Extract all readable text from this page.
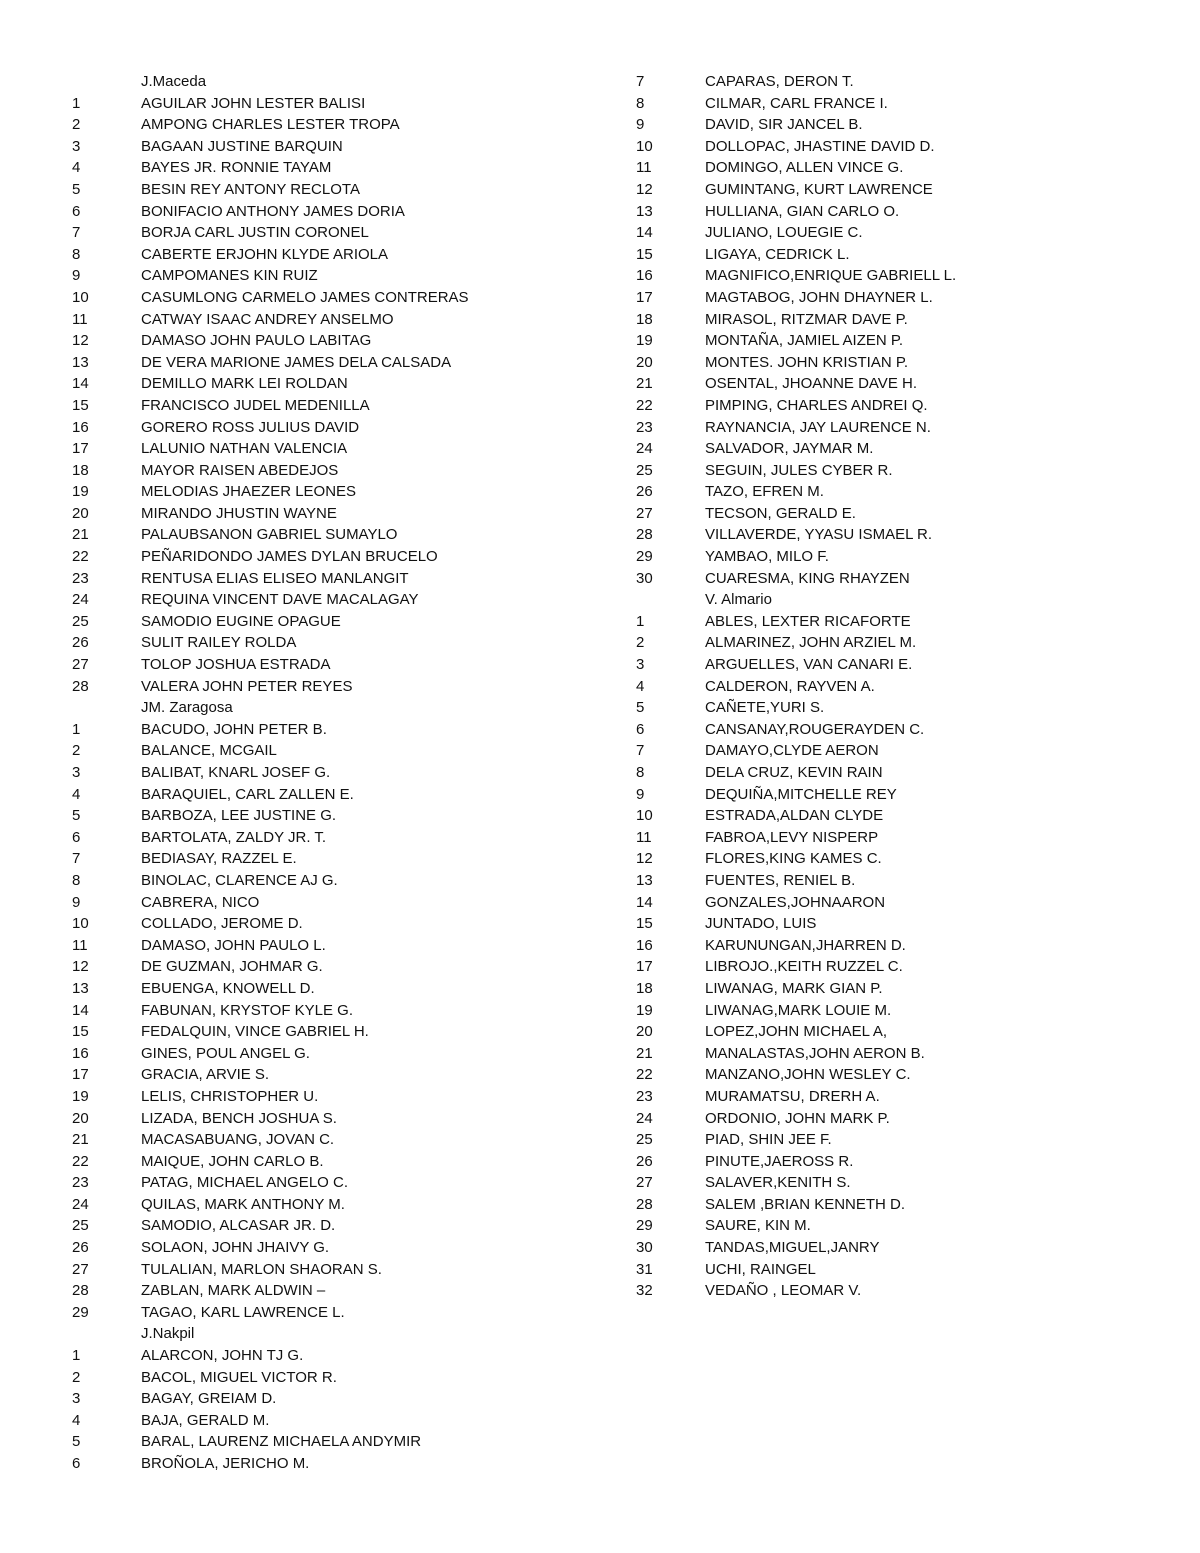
J.Maceda
1	AGUILAR JOHN LESTER BALISI
2	AMPONG CHARLES LESTER TROPA
3	BAGAAN JUSTINE BARQUIN
4	BAYES JR. RONNIE TAYAM
5	BESIN REY ANTONY RECLOTA
6	BONIFACIO ANTHONY JAMES DORIA
7	BORJA CARL JUSTIN CORONEL
8	CABERTE ERJOHN KLYDE ARIOLA
9	CAMPOMANES KIN RUIZ
10	CASUMLONG CARMELO JAMES CONTRERAS
11	CATWAY ISAAC ANDREY ANSELMO
12	DAMASO JOHN PAULO LABITAG
13	DE VERA MARIONE JAMES DELA CALSADA
14	DEMILLO MARK LEI ROLDAN
15	FRANCISCO JUDEL MEDENILLA
16	GORERO ROSS JULIUS DAVID
17	LALUNIO NATHAN VALENCIA
18	MAYOR RAISEN ABEDEJOS
19	MELODIAS JHAEZER LEONES
20	MIRANDO JHUSTIN WAYNE
21	PALAUBSANON GABRIEL SUMAYLO
22	PEÑARIDONDO JAMES DYLAN BRUCELO
23	RENTUSA ELIAS ELISEO MANLANGIT
24	REQUINA VINCENT DAVE MACALAGAY
25	SAMODIO EUGINE OPAGUE
26	SULIT RAILEY ROLDA
27	TOLOP JOSHUA ESTRADA
28	VALERA JOHN PETER REYES
JM. Zaragosa
1	BACUDO, JOHN PETER B.
2	BALANCE, MCGAIL
3	BALIBAT, KNARL JOSEF G.
4	BARAQUIEL, CARL ZALLEN E.
5	BARBOZA, LEE JUSTINE G.
6	BARTOLATA, ZALDY JR. T.
7	BEDIASAY, RAZZEL E.
8	BINOLAC, CLARENCE AJ G.
9	CABRERA, NICO
10	COLLADO, JEROME D.
11	DAMASO, JOHN PAULO L.
12	DE GUZMAN, JOHMAR G.
13	EBUENGA, KNOWELL D.
14	FABUNAN, KRYSTOF KYLE G.
15	FEDALQUIN, VINCE GABRIEL H.
16	GINES, POUL ANGEL G.
17	GRACIA, ARVIE S.
19	LELIS, CHRISTOPHER U.
20	LIZADA, BENCH JOSHUA S.
21	MACASABUANG, JOVAN C.
22	MAIQUE, JOHN CARLO B.
23	PATAG, MICHAEL ANGELO C.
24	QUILAS, MARK ANTHONY M.
25	SAMODIO, ALCASAR JR. D.
26	SOLAON, JOHN JHAIVY G.
27	TULALIAN, MARLON SHAORAN S.
28	ZABLAN, MARK ALDWIN –
29	TAGAO, KARL LAWRENCE L.
J.Nakpil
1	ALARCON, JOHN TJ G.
2	BACOL, MIGUEL VICTOR R.
3	BAGAY, GREIAM D.
4	BAJA, GERALD M.
5	BARAL, LAURENZ MICHAELA ANDYMIR
6	BROÑOLA, JERICHO M.
7	CAPARAS, DERON T.
8	CILMAR, CARL FRANCE I.
9	DAVID, SIR JANCEL B.
10	DOLLOPAC, JHASTINE DAVID D.
11	DOMINGO, ALLEN VINCE G.
12	GUMINTANG, KURT LAWRENCE
13	HULLIANA, GIAN CARLO O.
14	JULIANO, LOUEGIE C.
15	LIGAYA, CEDRICK L.
16	MAGNIFICO,ENRIQUE GABRIELL L.
17	MAGTABOG, JOHN DHAYNER L.
18	MIRASOL, RITZMAR DAVE P.
19	MONTAÑA, JAMIEL AIZEN P.
20	MONTES. JOHN KRISTIAN P.
21	OSENTAL, JHOANNE DAVE H.
22	PIMPING, CHARLES ANDREI Q.
23	RAYNANCIA, JAY LAURENCE N.
24	SALVADOR, JAYMAR M.
25	SEGUIN, JULES CYBER R.
26	TAZO, EFREN M.
27	TECSON, GERALD E.
28	VILLAVERDE, YYASU ISMAEL R.
29	YAMBAO, MILO F.
30	CUARESMA, KING RHAYZEN
V. Almario
1	ABLES, LEXTER RICAFORTE
2	ALMARINEZ, JOHN ARZIEL M.
3	ARGUELLES, VAN CANARI E.
4	CALDERON, RAYVEN A.
5	CAÑETE,YURI S.
6	CANSANAY,ROUGERAYDEN C.
7	DAMAYO,CLYDE AERON
8	DELA CRUZ, KEVIN RAIN
9	DEQUIÑA,MITCHELLE REY
10	ESTRADA,ALDAN CLYDE
11	FABROA,LEVY NISPERP
12	FLORES,KING KAMES C.
13	FUENTES, RENIEL B.
14	GONZALES,JOHNAARON
15	JUNTADO, LUIS
16	KARUNUNGAN,JHARREN D.
17	LIBROJO.,KEITH RUZZEL C.
18	LIWANAG, MARK GIAN P.
19	LIWANAG,MARK LOUIE M.
20	LOPEZ,JOHN MICHAEL A,
21	MANALASTAS,JOHN AERON B.
22	MANZANO,JOHN WESLEY C.
23	MURAMATSU, DRERH A.
24	ORDONIO, JOHN MARK P.
25	PIAD, SHIN JEE F.
26	PINUTE,JAEROSS R.
27	SALAVER,KENITH S.
28	SALEM ,BRIAN KENNETH D.
29	SAURE, KIN M.
30	TANDAS,MIGUEL,JANRY
31	UCHI, RAINGEL
32	VEDAÑO , LEOMAR V.
